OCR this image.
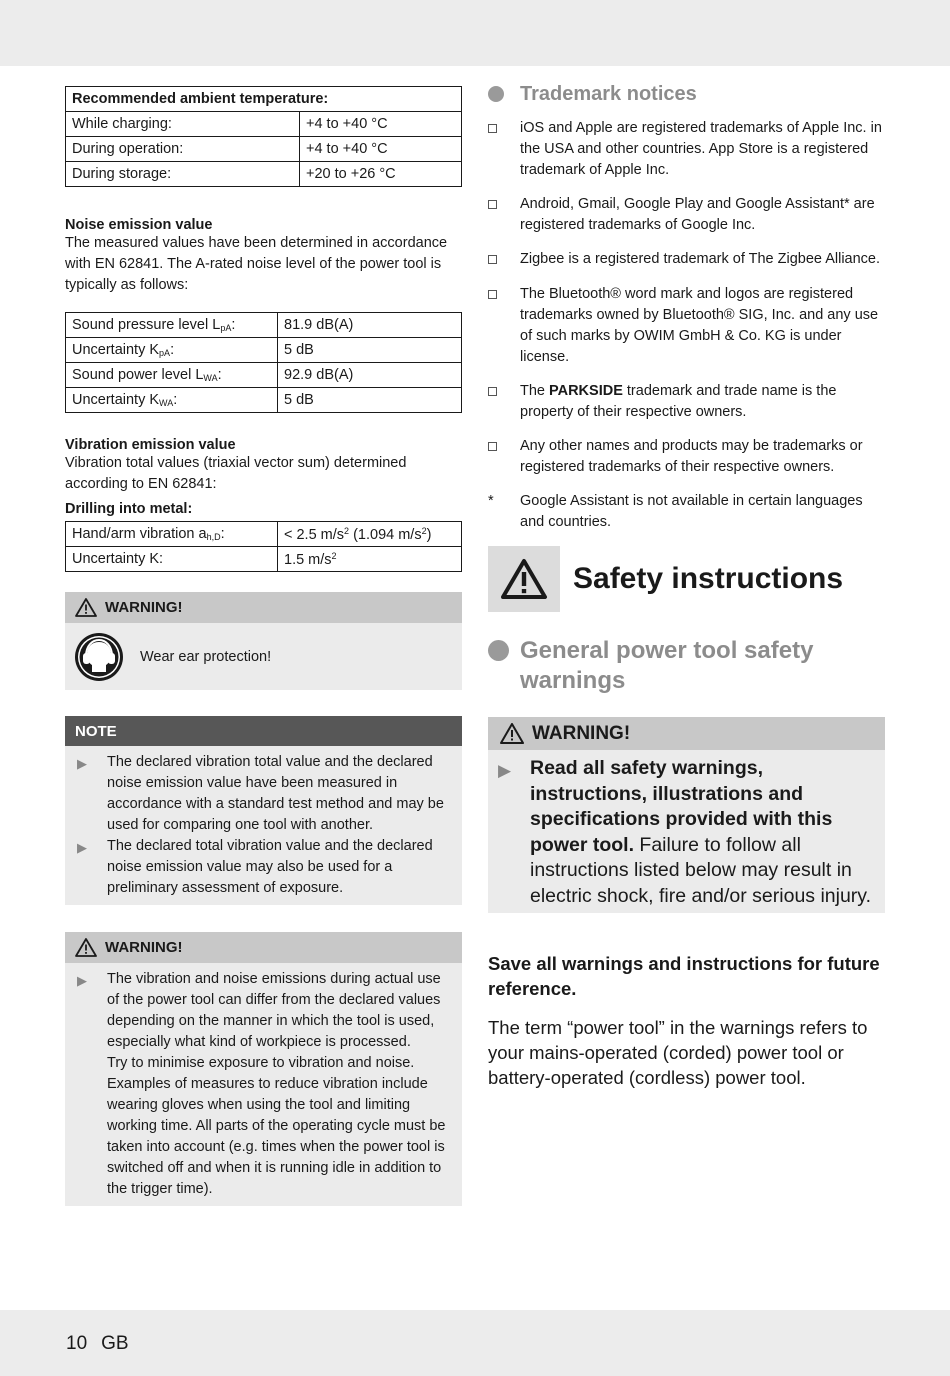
Recommended ambient temperature:	
While charging:	+4 to +40 °C
During operation:	+4 to +40 °C
During storage:	+20 to +26 °C
Noise emission value
The measured values have been determined in accordance with EN 62841. The A-rated noise level of the power tool is typically as follows:
Sound pressure level $L_{pA}$:	81.9 dB(A)
Uncertainty $K_{pA}$:	5 dB
Sound power level $L_{WA}$:	92.9 dB(A)
Uncertainty $K_{WA}$:	5 dB
Vibration emission value
Vibration total values (triaxial vector sum) determined according to EN 62841:
Drilling into metal:
Hand/arm vibration $a_{h,D}$:	< 2.5 $m/s^2$ (1.094 $m/s^2$)
Uncertainty K:	1.5 $m/s^2$
WARNING!
Wear ear protection!
NOTE
▶	The declared vibration total value and the declared noise emission value have been measured in accordance with a standard test method and may be used for comparing one tool with another.
▶	The declared total vibration value and the declared noise emission value may also be used for a preliminary assessment of exposure.
WARNING!
▶	The vibration and noise emissions during actual use of the power tool can differ from the declared values depending on the manner in which the tool is used, especially what kind of workpiece is processed.
Try to minimise exposure to vibration and noise. Examples of measures to reduce vibration include wearing gloves when using the tool and limiting working time. All parts of the operating cycle must be taken into account (e.g. times when the power tool is switched off and when it is running idle in addition to the trigger time).
Trademark notices
iOS and Apple are registered trademarks of Apple Inc. in the USA and other countries. App Store is a registered trademark of Apple Inc.
Android, Gmail, Google Play and Google Assistant* are registered trademarks of Google Inc.
Zigbee is a registered trademark of The Zigbee Alliance.
The Bluetooth® word mark and logos are registered trademarks owned by Bluetooth® SIG, Inc. and any use of such marks by OWIM GmbH & Co. KG is under license.
The PARKSIDE trademark and trade name is the property of their respective owners.
Any other names and products may be trademarks or registered trademarks of their respective owners.
*	Google Assistant is not available in certain languages and countries.
Safety instructions
General power tool safety warnings
WARNING!
▶ Read all safety warnings, instructions, illustrations and specifications provided with this power tool. Failure to follow all instructions listed below may result in electric shock, fire and/or serious injury.
Save all warnings and instructions for future reference.
The term “power tool” in the warnings refers to your mains-operated (corded) power tool or battery-operated (cordless) power tool.
10 GB
